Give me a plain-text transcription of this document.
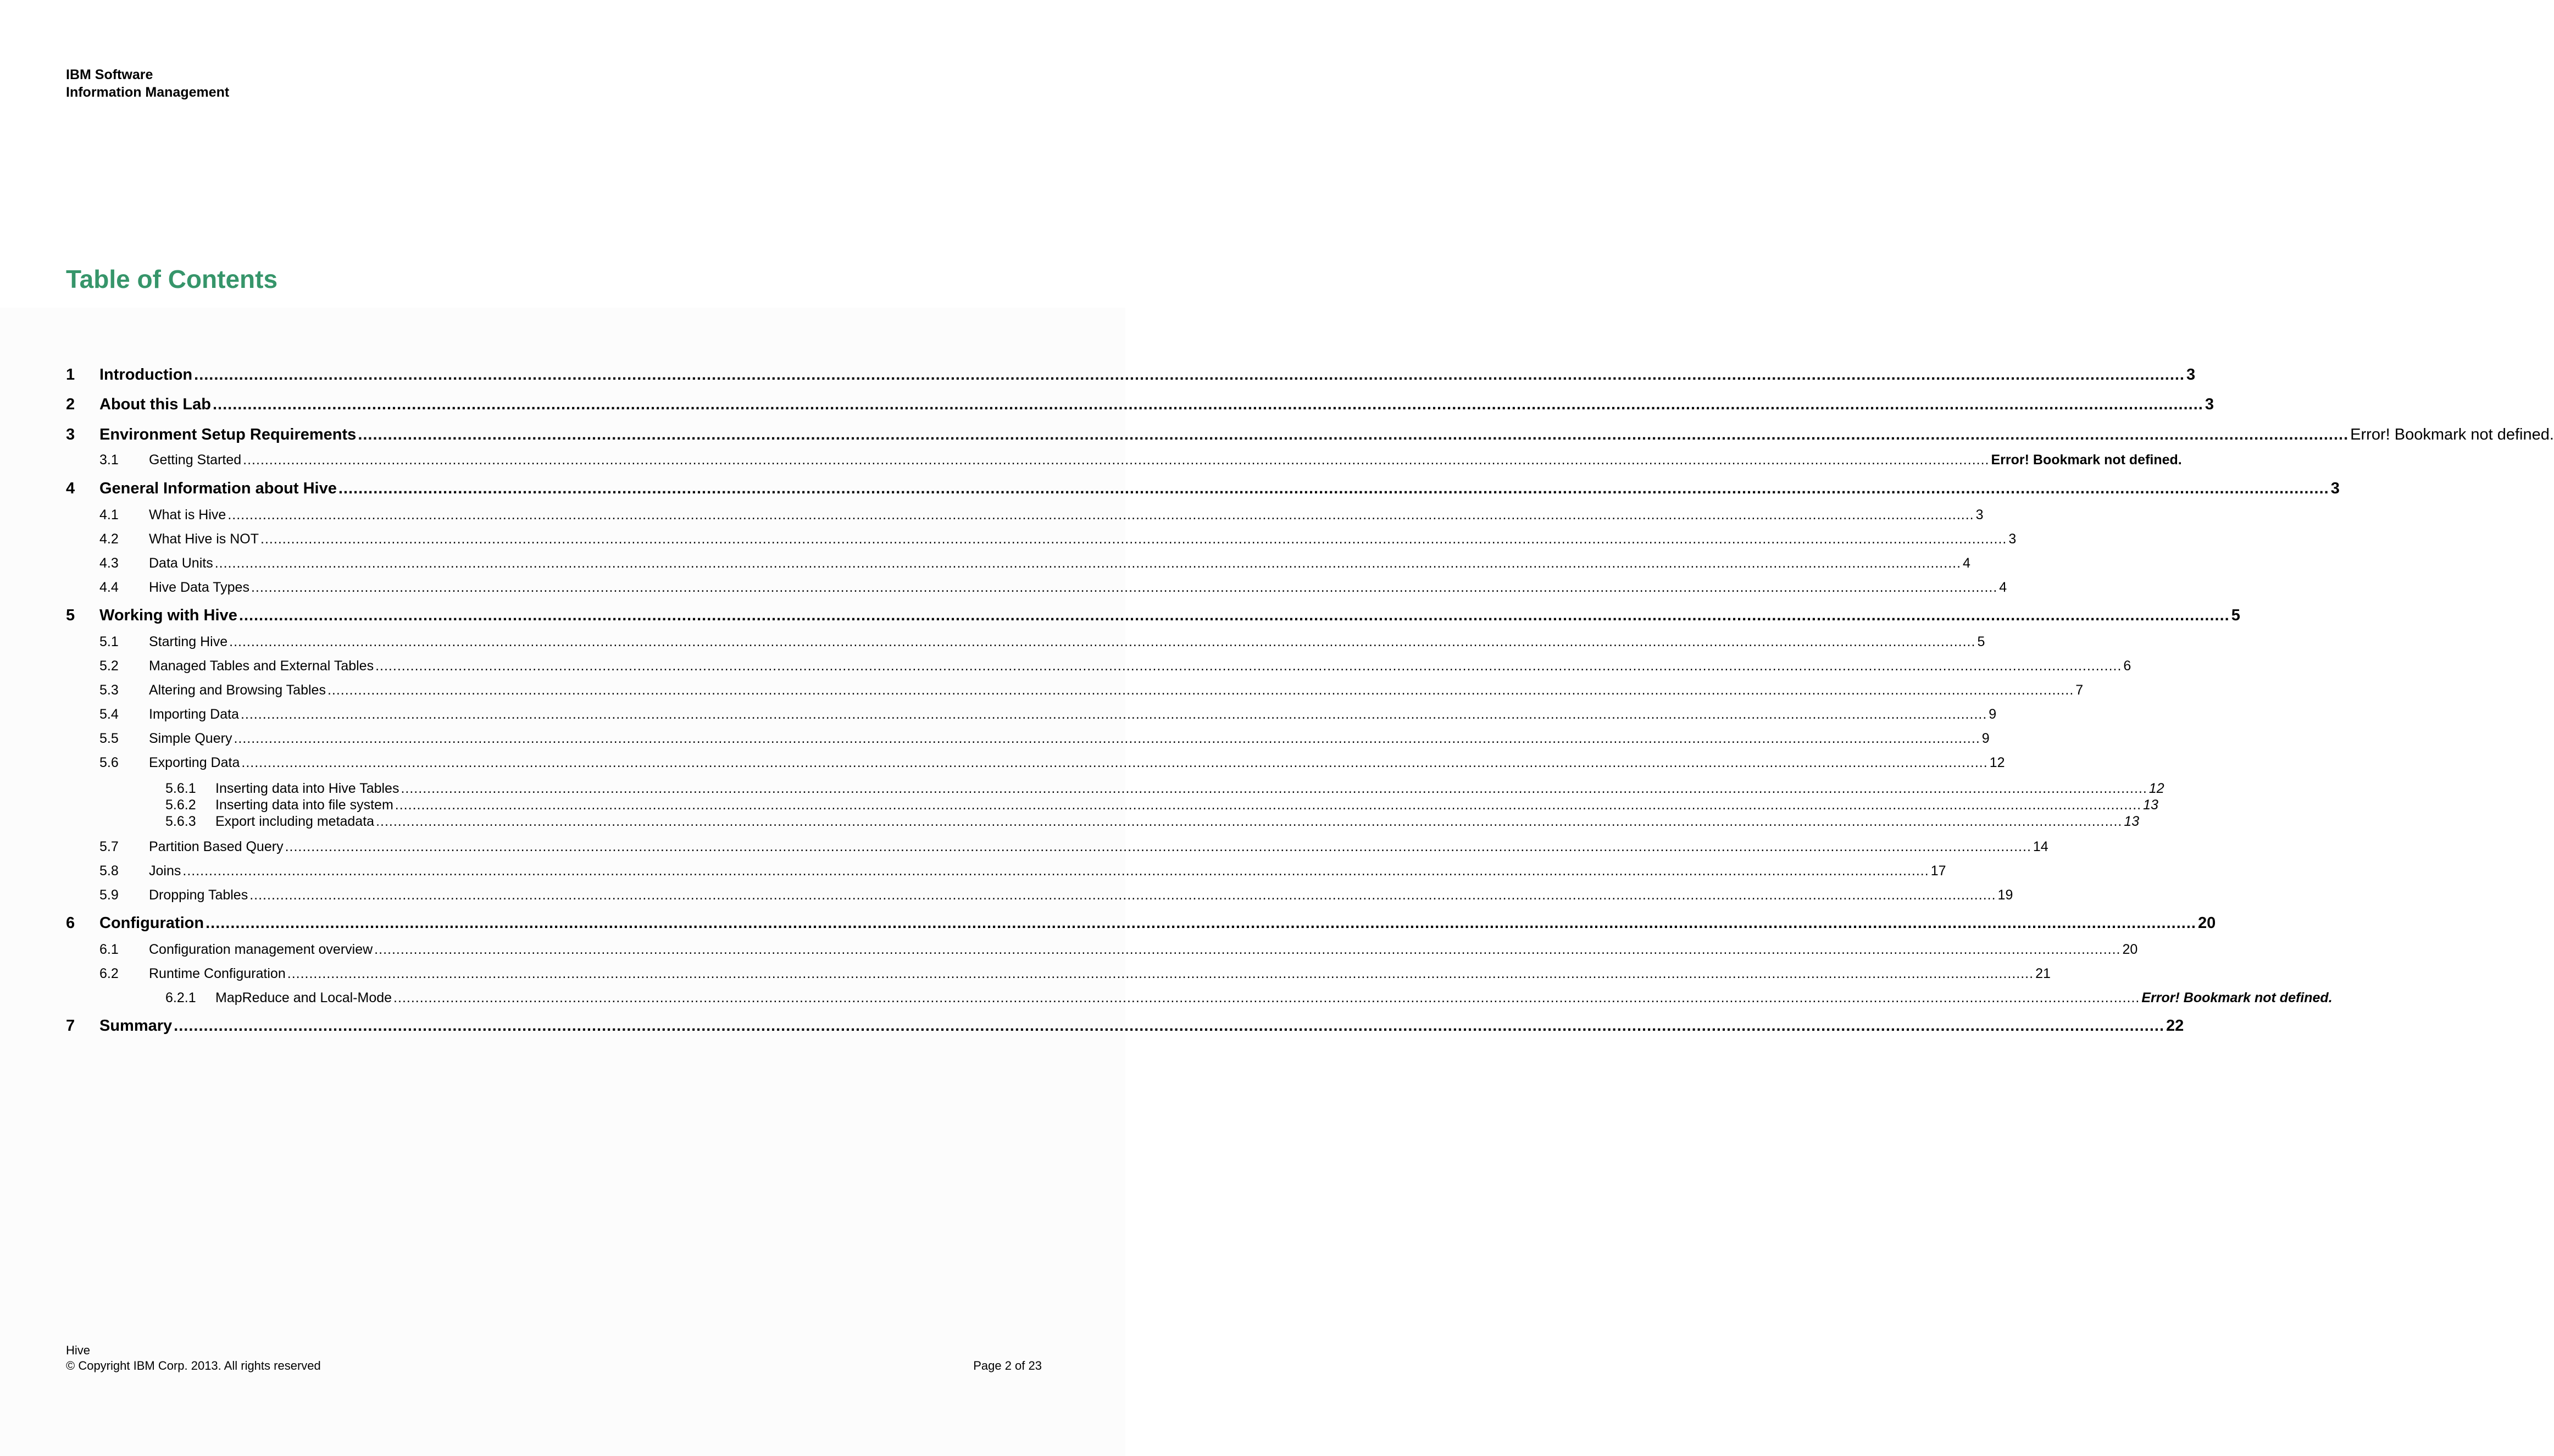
IBM Software
Information Management
Table of Contents
1	Introduction ................................................................................................................................................................................................................................................................................................................................................................................................................ 3
2	About this Lab ................................................................................................................................................................................................................................................................................................................................................................................................................ 3
3	Environment Setup Requirements ................................................................................................................................................................................................................................................................................................................................................................................................................ Error! Bookmark not defined.
3.1	Getting Started ................................................................................................................................................................................................................................................................................................................................................................................................................ Error! Bookmark not defined.
4	General Information about Hive ................................................................................................................................................................................................................................................................................................................................................................................................................ 3
4.1	What is Hive ................................................................................................................................................................................................................................................................................................................................................................................................................ 3
4.2	What Hive is NOT ................................................................................................................................................................................................................................................................................................................................................................................................................ 3
4.3	Data Units ................................................................................................................................................................................................................................................................................................................................................................................................................ 4
4.4	Hive Data Types ................................................................................................................................................................................................................................................................................................................................................................................................................ 4
5	Working with Hive ................................................................................................................................................................................................................................................................................................................................................................................................................ 5
5.1	Starting Hive ................................................................................................................................................................................................................................................................................................................................................................................................................ 5
5.2	Managed Tables and External Tables ................................................................................................................................................................................................................................................................................................................................................................................................................ 6
5.3	Altering and Browsing Tables ................................................................................................................................................................................................................................................................................................................................................................................................................ 7
5.4	Importing Data ................................................................................................................................................................................................................................................................................................................................................................................................................ 9
5.5	Simple Query ................................................................................................................................................................................................................................................................................................................................................................................................................ 9
5.6	Exporting Data ................................................................................................................................................................................................................................................................................................................................................................................................................ 12
5.6.1	Inserting data into Hive Tables ................................................................................................................................................................................................................................................................................................................................................................................................................ 12
5.6.2	Inserting data into file system ................................................................................................................................................................................................................................................................................................................................................................................................................ 13
5.6.3	Export including metadata ................................................................................................................................................................................................................................................................................................................................................................................................................ 13
5.7	Partition Based Query ................................................................................................................................................................................................................................................................................................................................................................................................................ 14
5.8	Joins ................................................................................................................................................................................................................................................................................................................................................................................................................ 17
5.9	Dropping Tables ................................................................................................................................................................................................................................................................................................................................................................................................................ 19
6	Configuration ................................................................................................................................................................................................................................................................................................................................................................................................................ 20
6.1	Configuration management overview ................................................................................................................................................................................................................................................................................................................................................................................................................ 20
6.2	Runtime Configuration ................................................................................................................................................................................................................................................................................................................................................................................................................ 21
6.2.1	MapReduce and Local-Mode ................................................................................................................................................................................................................................................................................................................................................................................................................ Error! Bookmark not defined.
7	Summary ................................................................................................................................................................................................................................................................................................................................................................................................................ 22
Hive
© Copyright IBM Corp. 2013. All rights reserved	Page 2 of 23
